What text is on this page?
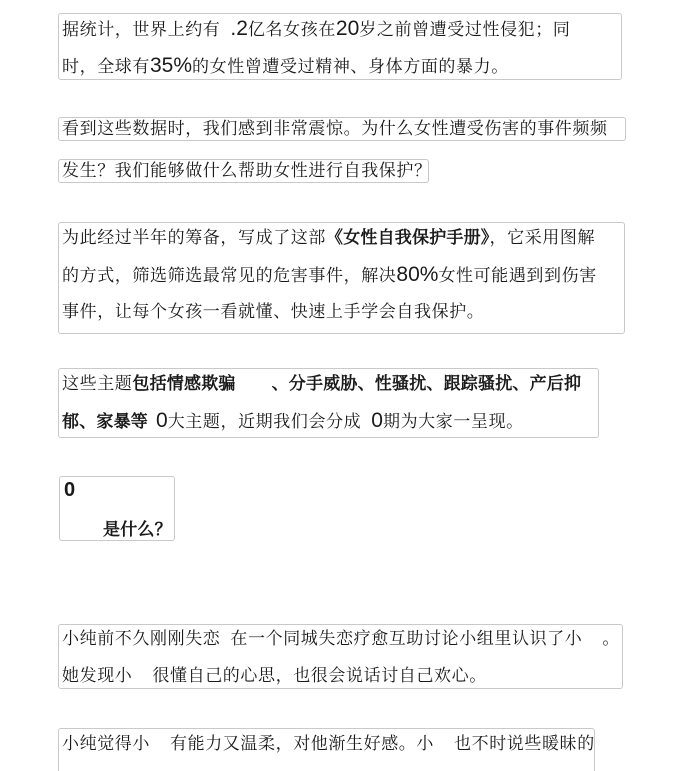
据统计，世界上约有 .2亿名女孩在20岁之前曾遭受过性侵犯；同
时，全球有35%的女性曾遭受过精神、身体方面的暴力。
看到这些数据时，我们感到非常震惊。为什么女性遭受伤害的事件频频
发生？我们能够做什么帮助女性进行自我保护？
为此经过半年的筹备，写成了这部《女性自我保护手册》，它采用图解
的方式，筛选筛选最常见的危害事件，解决80%女性可能遇到到伤害
事件，让每个女孩一看就懂、快速上手学会自我保护。
这些主题包括情感欺骗 、分手威胁、性骚扰、跟踪骚扰、产后抑
郁、家暴等 0大主题，近期我们会分成 0期为大家一呈现。
0
是什么？
小纯前不久刚刚失恋 在一个同城失恋疗愈互助讨论小组里认识了小 。
她发现小 很懂自己的心思，也很会说话讨自己欢心。
小纯觉得小 有能力又温柔，对他渐生好感。小 也不时说些暖昧的
